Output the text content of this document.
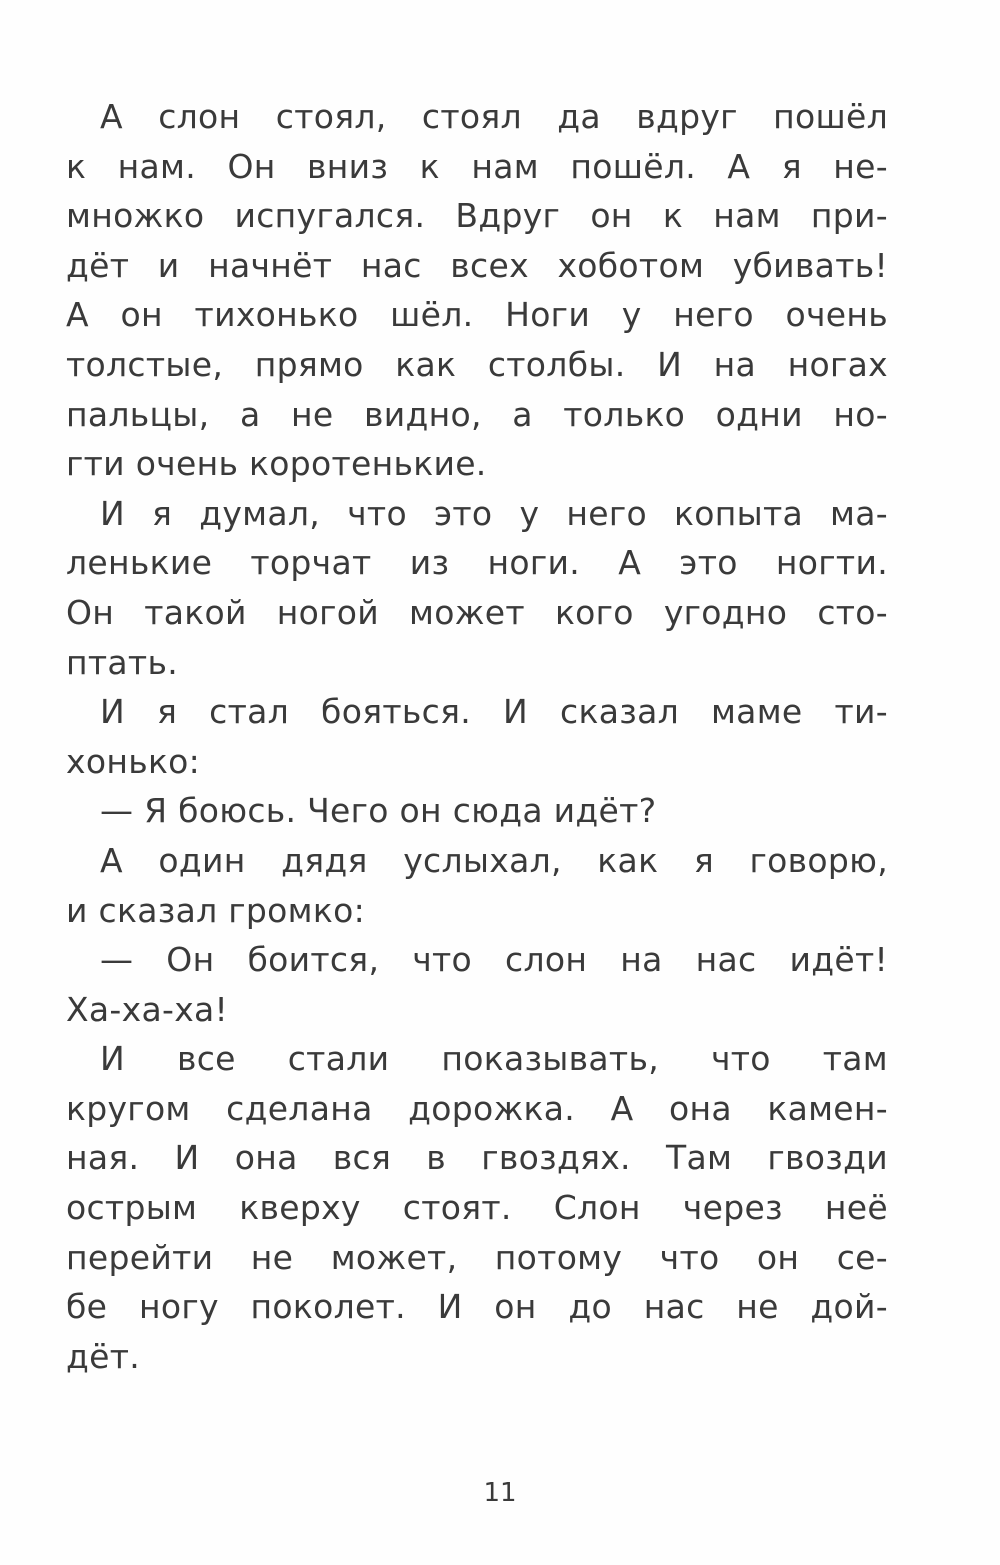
А слон стоял, стоял да вдруг пошёл
к нам. Он вниз к нам пошёл. А я не-
множко испугался. Вдруг он к нам при-
дёт и начнёт нас всех хоботом убивать!
А он тихонько шёл. Ноги у него очень
толстые, прямо как столбы. И на ногах
пальцы, а не видно, а только одни но-
гти очень коротенькие.
И я думал, что это у него копыта ма-
ленькие торчат из ноги. А это ногти.
Он такой ногой может кого угодно сто-
птать.
И я стал бояться. И сказал маме ти-
хонько:
— Я боюсь. Чего он сюда идёт?
А один дядя услыхал, как я говорю,
и сказал громко:
— Он боится, что слон на нас идёт!
Ха-ха-ха!
И все стали показывать, что там
кругом сделана дорожка. А она камен-
ная. И она вся в гвоздях. Там гвозди
острым кверху стоят. Слон через неё
перейти не может, потому что он се-
бе ногу поколет. И он до нас не дой-
дёт.
11
